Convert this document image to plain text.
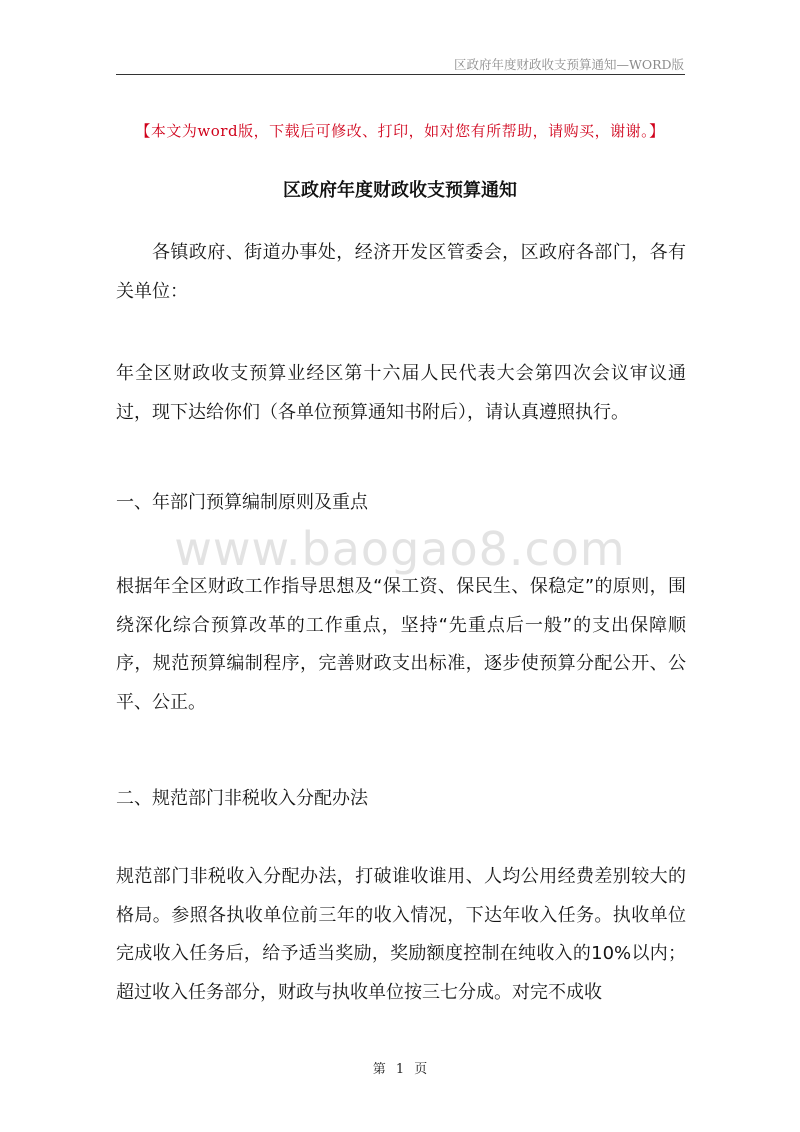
区政府年度财政收支预算通知—WORD版
【本文为word版，下载后可修改、打印，如对您有所帮助，请购买，谢谢。】
区政府年度财政收支预算通知

各镇政府、街道办事处，经济开发区管委会，区政府各部门，各有关单位：

年全区财政收支预算业经区第十六届人民代表大会第四次会议审议通过，现下达给你们（各单位预算通知书附后），请认真遵照执行。

一、年部门预算编制原则及重点

www.baogao8.com

根据年全区财政工作指导思想及“保工资、保民生、保稳定”的原则，围绕深化综合预算改革的工作重点，坚持“先重点后一般”的支出保障顺序，规范预算编制程序，完善财政支出标准，逐步使预算分配公开、公平、公正。

二、规范部门非税收入分配办法

规范部门非税收入分配办法，打破谁收谁用、人均公用经费差别较大的格局。参照各执收单位前三年的收入情况，下达年收入任务。执收单位完成收入任务后，给予适当奖励，奖励额度控制在纯收入的10%以内；超过收入任务部分，财政与执收单位按三七分成。对完不成收

第 1 页
